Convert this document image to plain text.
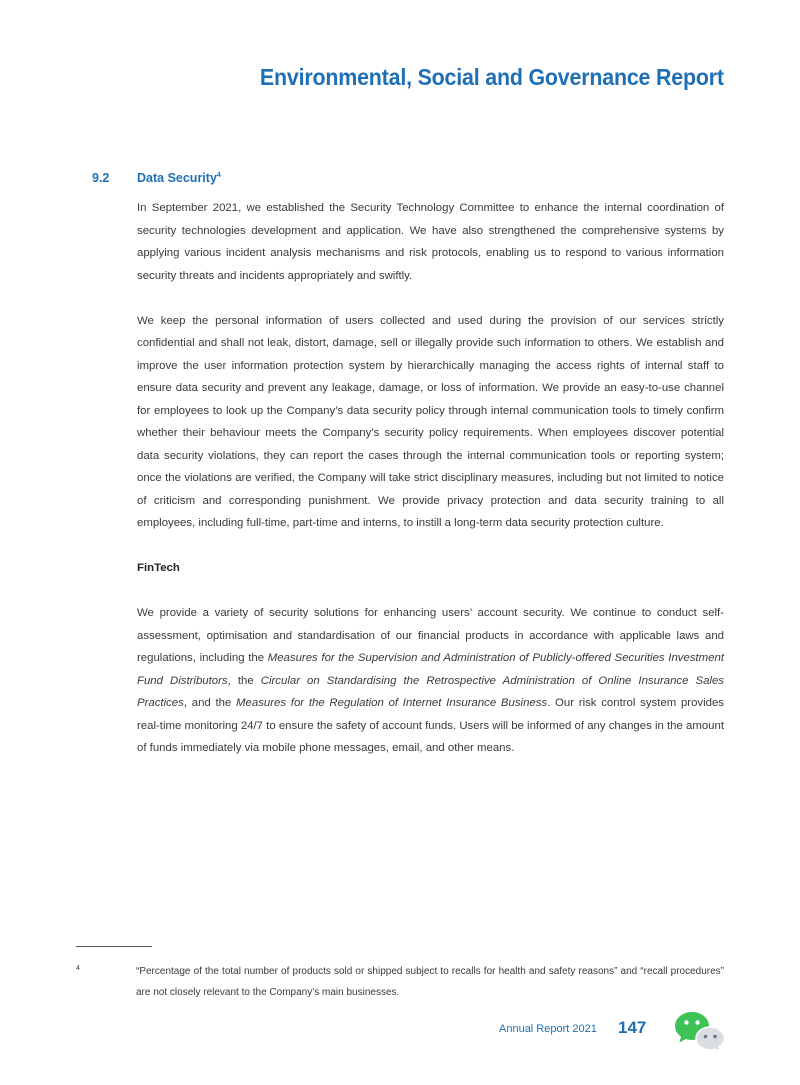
Environmental, Social and Governance Report
9.2 Data Security$^4$

In September 2021, we established the Security Technology Committee to enhance the internal coordination of security technologies development and application. We have also strengthened the comprehensive systems by applying various incident analysis mechanisms and risk protocols, enabling us to respond to various information security threats and incidents appropriately and swiftly.

We keep the personal information of users collected and used during the provision of our services strictly confidential and shall not leak, distort, damage, sell or illegally provide such information to others. We establish and improve the user information protection system by hierarchically managing the access rights of internal staff to ensure data security and prevent any leakage, damage, or loss of information. We provide an easy-to-use channel for employees to look up the Company’s data security policy through internal communication tools to timely confirm whether their behaviour meets the Company’s security policy requirements. When employees discover potential data security violations, they can report the cases through the internal communication tools or reporting system; once the violations are verified, the Company will take strict disciplinary measures, including but not limited to notice of criticism and corresponding punishment. We provide privacy protection and data security training to all employees, including full-time, part-time and interns, to instill a long-term data security protection culture.

FinTech

We provide a variety of security solutions for enhancing users’ account security. We continue to conduct self-assessment, optimisation and standardisation of our financial products in accordance with applicable laws and regulations, including the Measures for the Supervision and Administration of Publicly-offered Securities Investment Fund Distributors, the Circular on Standardising the Retrospective Administration of Online Insurance Sales Practices, and the Measures for the Regulation of Internet Insurance Business. Our risk control system provides real-time monitoring 24/7 to ensure the safety of account funds. Users will be informed of any changes in the amount of funds immediately via mobile phone messages, email, and other means.

4	“Percentage of the total number of products sold or shipped subject to recalls for health and safety reasons” and “recall procedures” are not closely relevant to the Company’s main businesses.
Annual Report 2021 147
